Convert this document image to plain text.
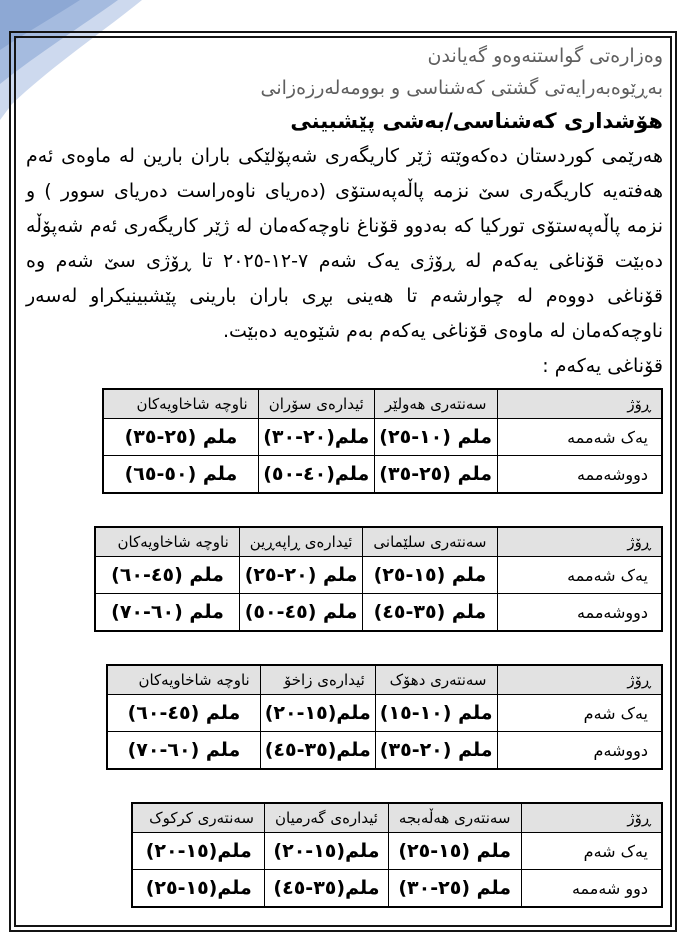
وەزارەتی گواستنەوەو گەیاندن
بەڕێوەبەرایەتی گشتی کەشناسی و بوومەلەرزەزانی
هۆشداری کەشناسی/بەشی پێشبینی

هەرێمی کوردستان دەکەوێتە ژێر کاریگەری شەپۆلێکی باران بارین لە ماوەی ئەم هەفتەیە کاریگەری سێ نزمە پاڵەپەستۆی (دەریای ناوەراست دەریای سوور ) و نزمە پاڵەپەستۆی تورکیا کە بەدوو قۆناغ ناوچەکەمان لە ژێر کاریگەری ئەم شەپۆڵە دەبێت قۆناغی یەکەم لە ڕۆژی یەک شەم ٧-١٢-٢٠٢٥ تا ڕۆژی سێ شەم وە قۆناغی دووەم لە چوارشەم تا هەینی بڕی باران بارینی پێشبینیکراو لەسەر ناوچەکەمان لە ماوەی قۆناغی یەکەم بەم شێوەیە دەبێت.

قۆناغی یەکەم :
ڕۆژ	سەنتەری هەولێر	ئیدارەی سۆران	ناوچە شاخاویەکان
یەک شەممە	ملم (١٠-٢٥)	ملم(٢٠-٣٠)	ملم (٢٥-٣٥)
دووشەممە	ملم (٢٥-٣٥)	ملم(٤٠-٥٠)	ملم (٥٠-٦٥)
ڕۆژ	سەنتەری سلێمانی	ئیدارەی ڕاپەڕین	ناوچە شاخاویەکان
یەک شەممە	ملم (١٥-٢٥)	ملم (٢٠-٢٥)	ملم (٤٥-٦٠)
دووشەممە	ملم (٣٥-٤٥)	ملم (٤٥-٥٠)	ملم (٦٠-٧٠)
ڕۆژ	سەنتەری دهۆک	ئیدارەی زاخۆ	ناوچە شاخاویەکان
یەک شەم	ملم (١٠-١٥)	ملم(١٥-٢٠)	ملم (٤٥-٦٠)
دووشەم	ملم (٢٠-٣٥)	ملم(٣٥-٤٥)	ملم (٦٠-٧٠)
ڕۆژ	سەنتەری هەڵەبجە	ئیدارەی گەرمیان	سەنتەری کرکوک
یەک شەم	ملم (١٥-٢٥)	ملم(١٥-٢٠)	ملم(١٥-٢٠)
دوو شەممە	ملم (٢٥-٣٠)	ملم(٣٥-٤٥)	ملم(١٥-٢٥)
